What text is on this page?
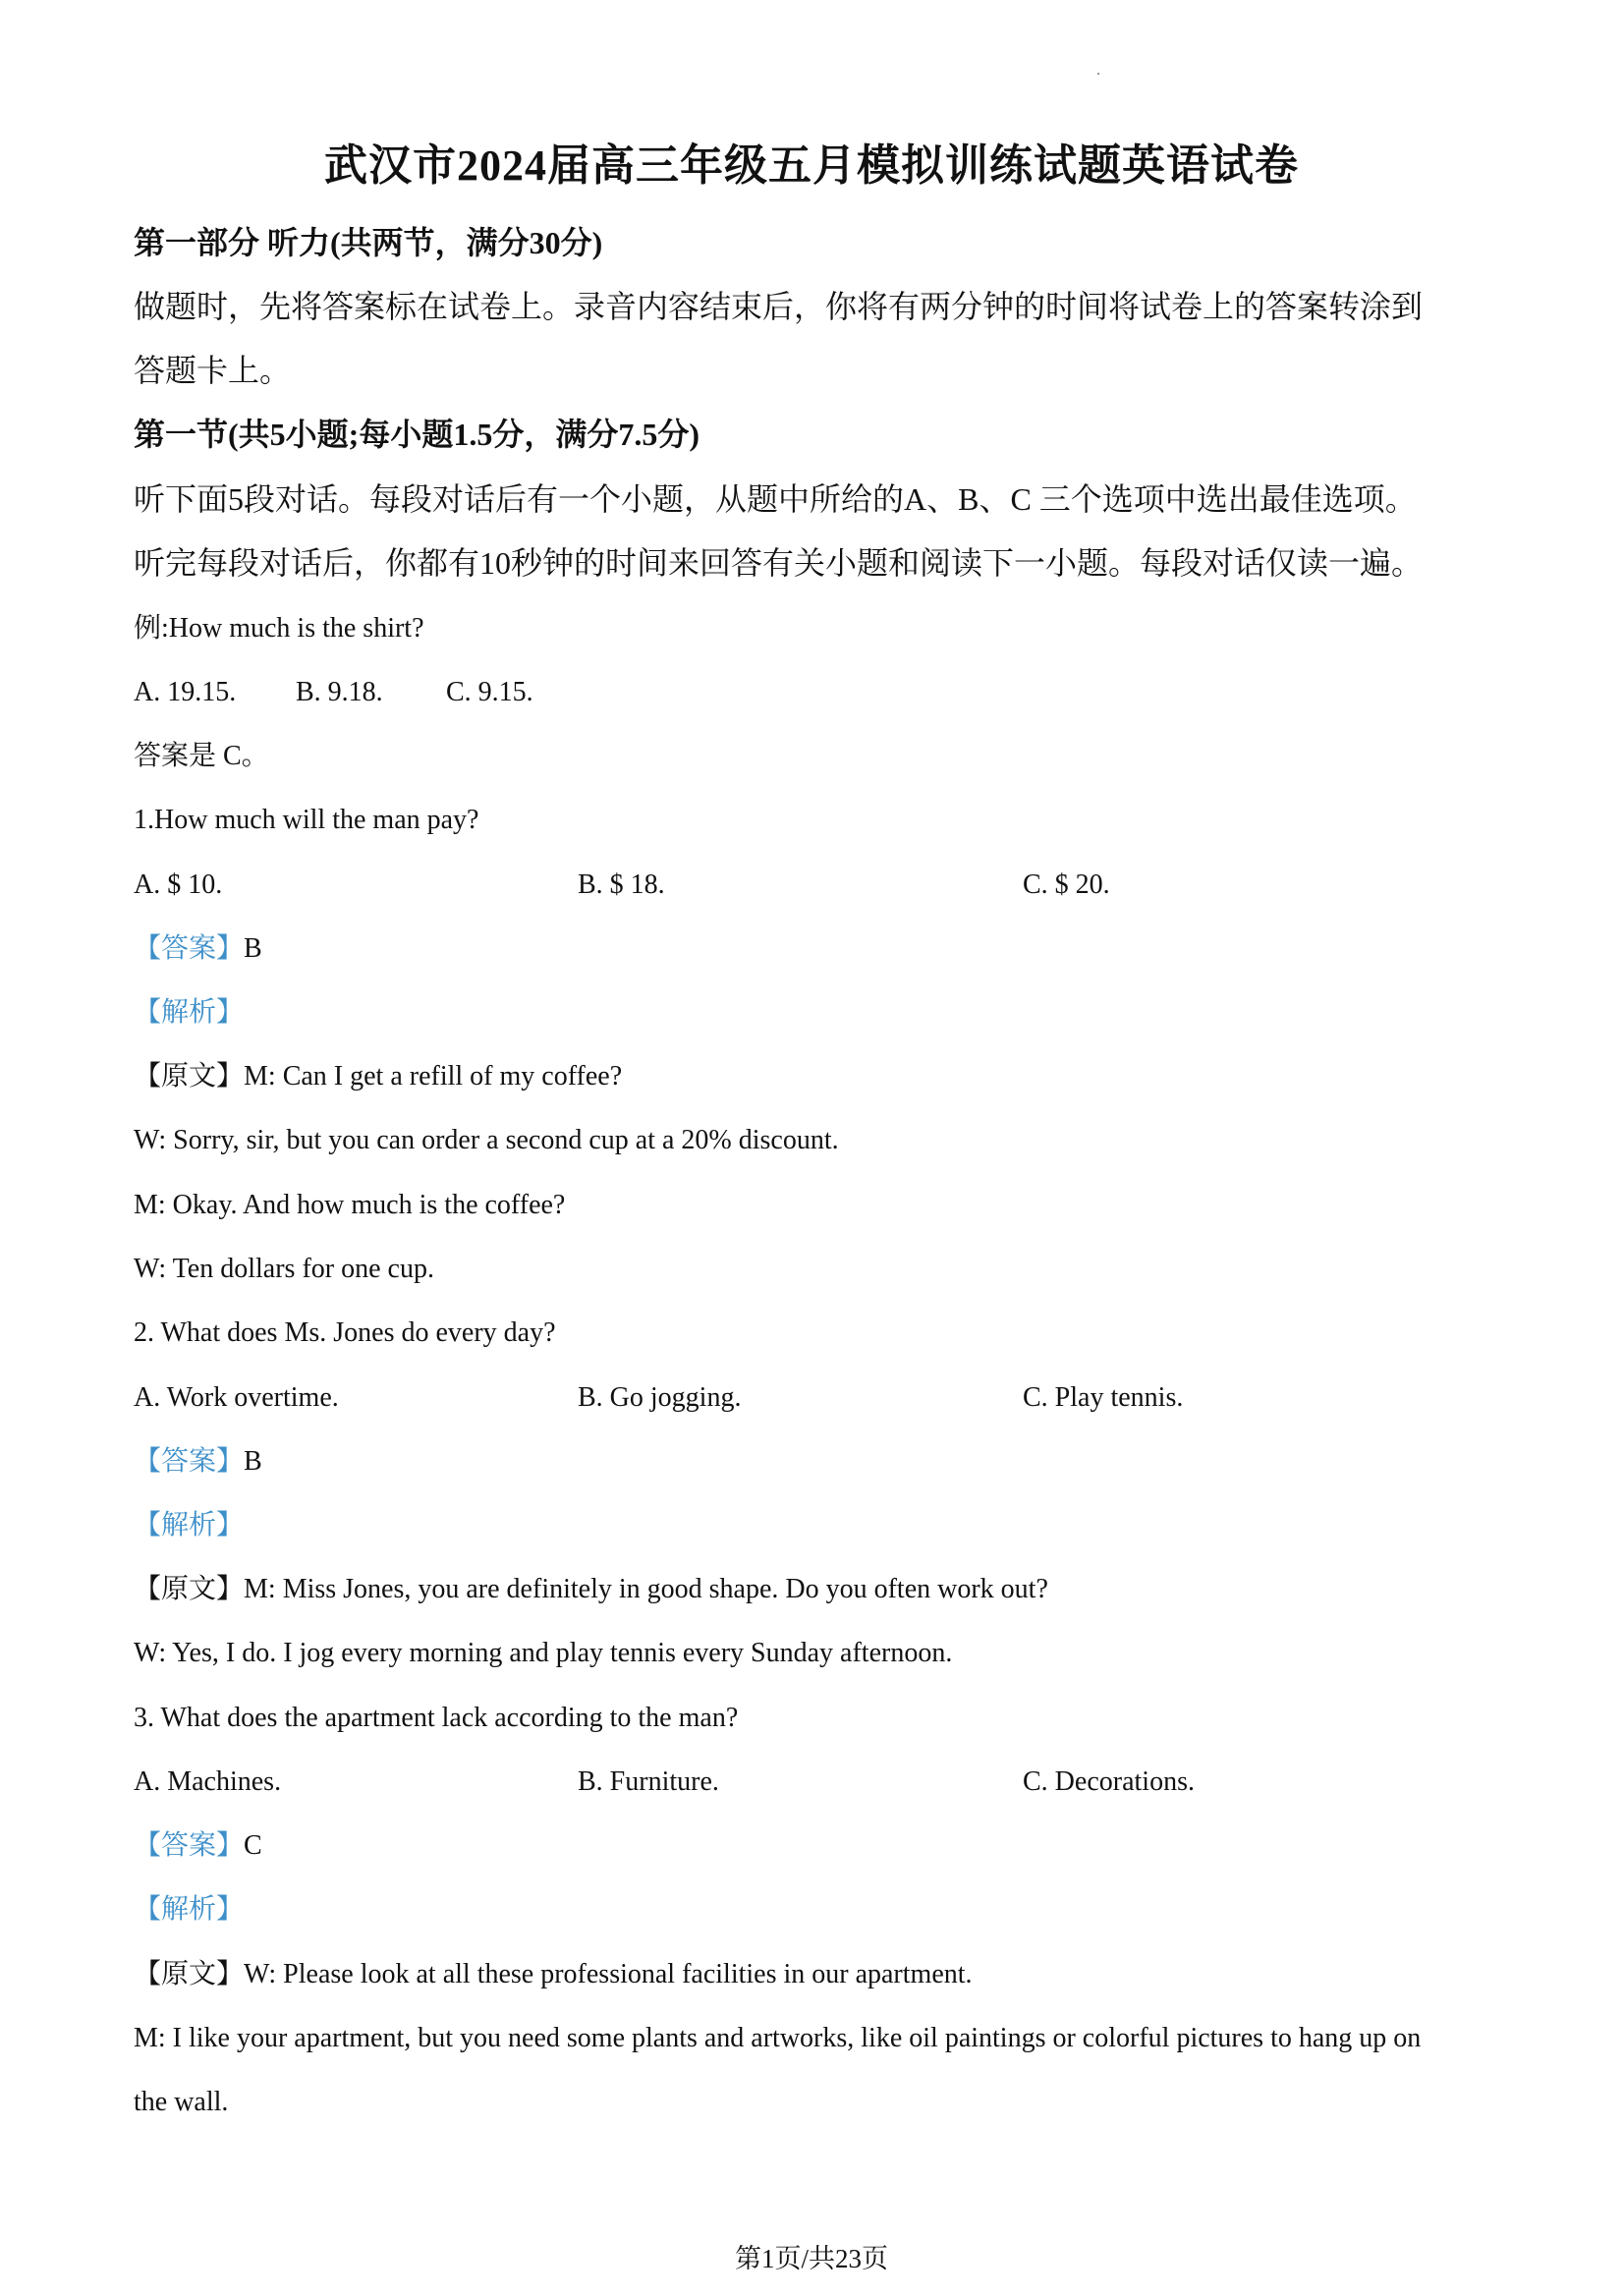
武汉市2024届高三年级五月模拟训练试题英语试卷
第一部分 听力(共两节，满分30分)
做题时，先将答案标在试卷上。录音内容结束后，你将有两分钟的时间将试卷上的答案转涂到
答题卡上。
第一节(共5小题;每小题1.5分，满分7.5分)
听下面5段对话。每段对话后有一个小题，从题中所给的A、B、C 三个选项中选出最佳选项。
听完每段对话后，你都有10秒钟的时间来回答有关小题和阅读下一小题。每段对话仅读一遍。
例:How much is the shirt?
A. 19.15. B. 9.18. C. 9.15.
答案是 C。
1.How much will the man pay?
A. $ 10.	B. $ 18.	C. $ 20.
【答案】B
【解析】
【原文】M: Can I get a refill of my coffee?
W: Sorry, sir, but you can order a second cup at a 20% discount.
M: Okay. And how much is the coffee?
W: Ten dollars for one cup.
2. What does Ms. Jones do every day?
A. Work overtime.	B. Go jogging.	C. Play tennis.
【答案】B
【解析】
【原文】M: Miss Jones, you are definitely in good shape. Do you often work out?
W: Yes, I do. I jog every morning and play tennis every Sunday afternoon.
3. What does the apartment lack according to the man?
A. Machines.	B. Furniture.	C. Decorations.
【答案】C
【解析】
【原文】W: Please look at all these professional facilities in our apartment.
M: I like your apartment, but you need some plants and artworks, like oil paintings or colorful pictures to hang up on
the wall.
第1页/共23页
